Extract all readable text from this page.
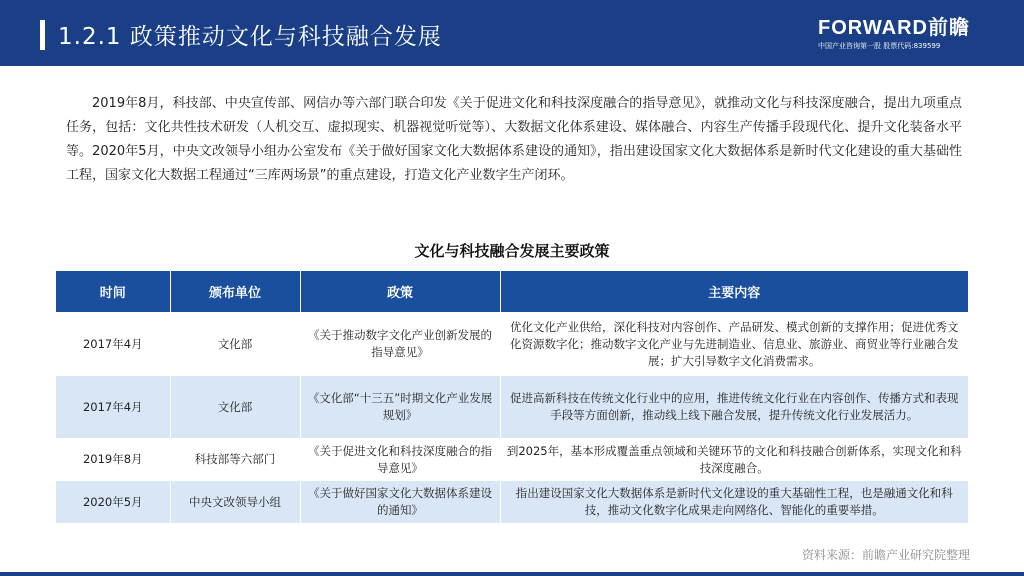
1.2.1 政策推动文化与科技融合发展	FORWARD前瞻
中国产业咨询第一股 股票代码:839599
2019年8月，科技部、中央宣传部、网信办等六部门联合印发《关于促进文化和科技深度融合的指导意见》，就推动文化与科技深度融合，提出九项重点任务，包括：文化共性技术研发（人机交互、虚拟现实、机器视觉听觉等）、大数据文化体系建设、媒体融合、内容生产传播手段现代化、提升文化装备水平等。2020年5月，中央文改领导小组办公室发布《关于做好国家文化大数据体系建设的通知》，指出建设国家文化大数据体系是新时代文化建设的重大基础性工程，国家文化大数据工程通过“三库两场景”的重点建设，打造文化产业数字生产闭环。
文化与科技融合发展主要政策
时间	颁布单位	政策	主要内容
2017年4月	文化部	《关于推动数字文化产业创新发展的指导意见》	优化文化产业供给，深化科技对内容创作、产品研发、模式创新的支撑作用；促进优秀文化资源数字化；推动数字文化产业与先进制造业、信息业、旅游业、商贸业等行业融合发展；扩大引导数字文化消费需求。
2017年4月	文化部	《文化部“十三五”时期文化产业发展规划》	促进高新科技在传统文化行业中的应用，推进传统文化行业在内容创作、传播方式和表现手段等方面创新，推动线上线下融合发展，提升传统文化行业发展活力。
2019年8月	科技部等六部门	《关于促进文化和科技深度融合的指导意见》	到2025年，基本形成覆盖重点领域和关键环节的文化和科技融合创新体系，实现文化和科技深度融合。
2020年5月	中央文改领导小组	《关于做好国家文化大数据体系建设的通知》	指出建设国家文化大数据体系是新时代文化建设的重大基础性工程，也是融通文化和科技，推动文化数字化成果走向网络化、智能化的重要举措。
资料来源：前瞻产业研究院整理
